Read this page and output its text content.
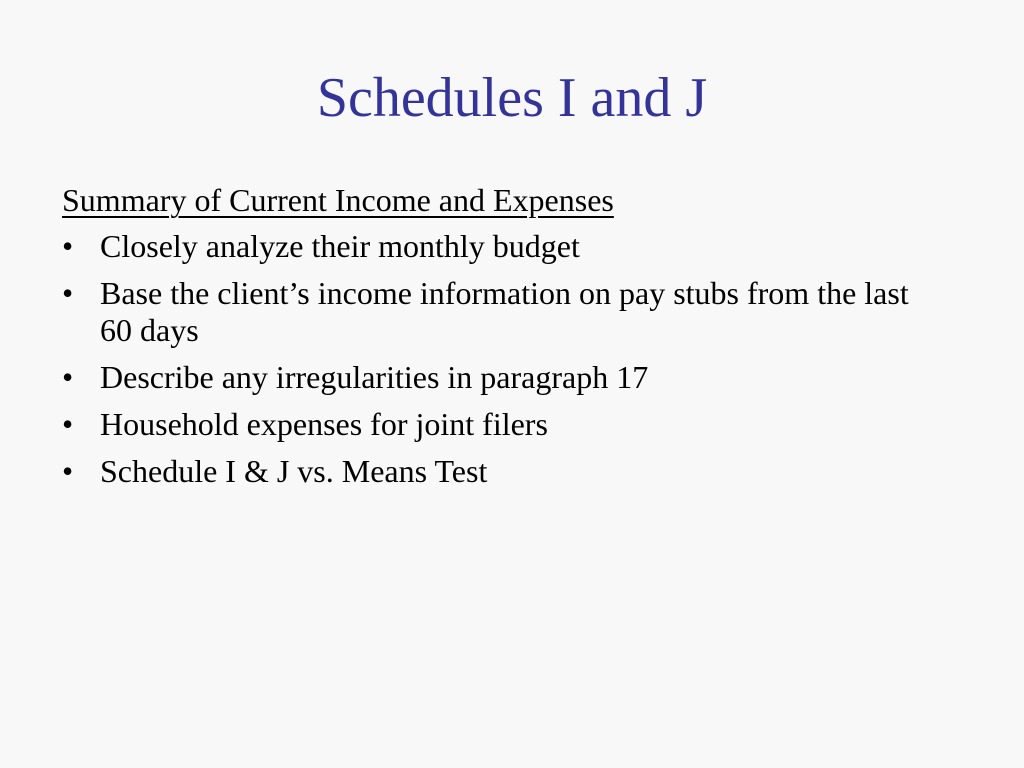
Schedules I and J
Summary of Current Income and Expenses
• Closely analyze their monthly budget
• Base the client’s income information on pay stubs from the last 60 days
• Describe any irregularities in paragraph 17
• Household expenses for joint filers
• Schedule I & J vs. Means Test
